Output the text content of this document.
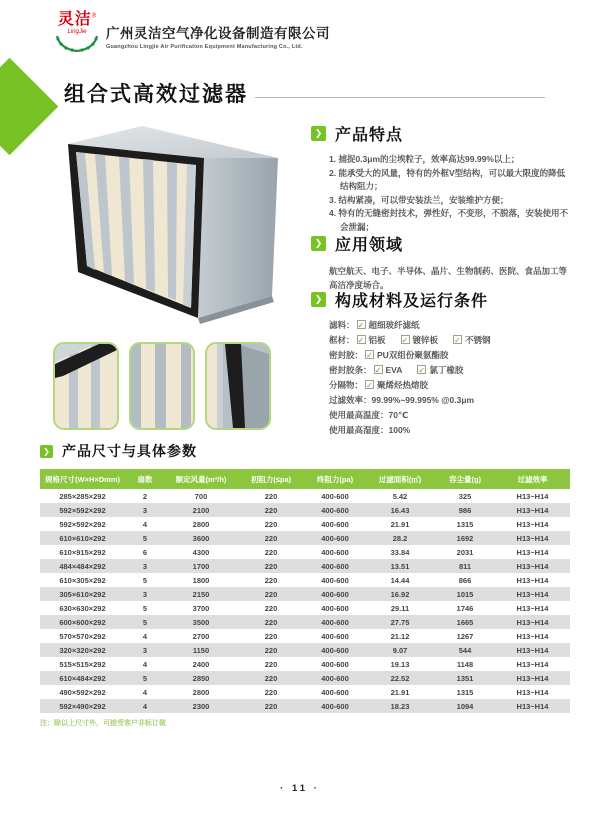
灵洁®
LingJie	广州灵洁空气净化设备制造有限公司
Guangzhou Lingjie Air Purification Equipment Manufacturing Co., Ltd.
组合式高效过滤器
❯
产品特点
1. 捕捉0.3μm的尘埃粒子，效率高达99.99%以上；
2. 能承受大的风量，特有的外框V型结构，可以最大限度的降低结构阻力；
3. 结构紧凑，可以带安装法兰，安装维护方便；
4. 特有的无缝密封技术，弹性好，不变形，不脱落，安装使用不会泄漏；
❯
应用领域
航空航天、电子、半导体、晶片、生物制药、医院、食品加工等高洁净度场合。
❯
构成材料及运行条件
滤料： ✓ 超细玻纤滤纸
框材： ✓ 铝板 ✓	镀锌板 ✓	不锈钢
密封胶： ✓ PU双组份聚氨酯胶
密封胶条： ✓ EVA ✓	氯丁橡胶
分隔物： ✓ 聚烯烃热熔胶
过滤效率：99.99%~99.995% @0.3μm
使用最高温度：70℃
使用最高湿度：100%
❯
产品尺寸与具体参数
规格尺寸(W×H×Dmm)	扇数	额定风量(m³/h)	初阻力(≤pa)	终阻力(pa)	过滤面积(㎡)	容尘量(g)	过滤效率
285×285×292	2	700	220	400-600	5.42	325	H13~H14
592×592×292	3	2100	220	400-600	16.43	986	H13~H14
592×592×292	4	2800	220	400-600	21.91	1315	H13~H14
610×610×292	5	3600	220	400-600	28.2	1692	H13~H14
610×915×292	6	4300	220	400-600	33.84	2031	H13~H14
484×484×292	3	1700	220	400-600	13.51	811	H13~H14
610×305×292	5	1800	220	400-600	14.44	866	H13~H14
305×610×292	3	2150	220	400-600	16.92	1015	H13~H14
630×630×292	5	3700	220	400-600	29.11	1746	H13~H14
600×600×292	5	3500	220	400-600	27.75	1665	H13~H14
570×570×292	4	2700	220	400-600	21.12	1267	H13~H14
320×320×292	3	1150	220	400-600	9.07	544	H13~H14
515×515×292	4	2400	220	400-600	19.13	1148	H13~H14
610×484×292	5	2850	220	400-600	22.52	1351	H13~H14
490×592×292	4	2800	220	400-600	21.91	1315	H13~H14
592×490×292	4	2300	220	400-600	18.23	1094	H13~H14
注：除以上尺寸外，可接受客户非标订做
· 11 ·
